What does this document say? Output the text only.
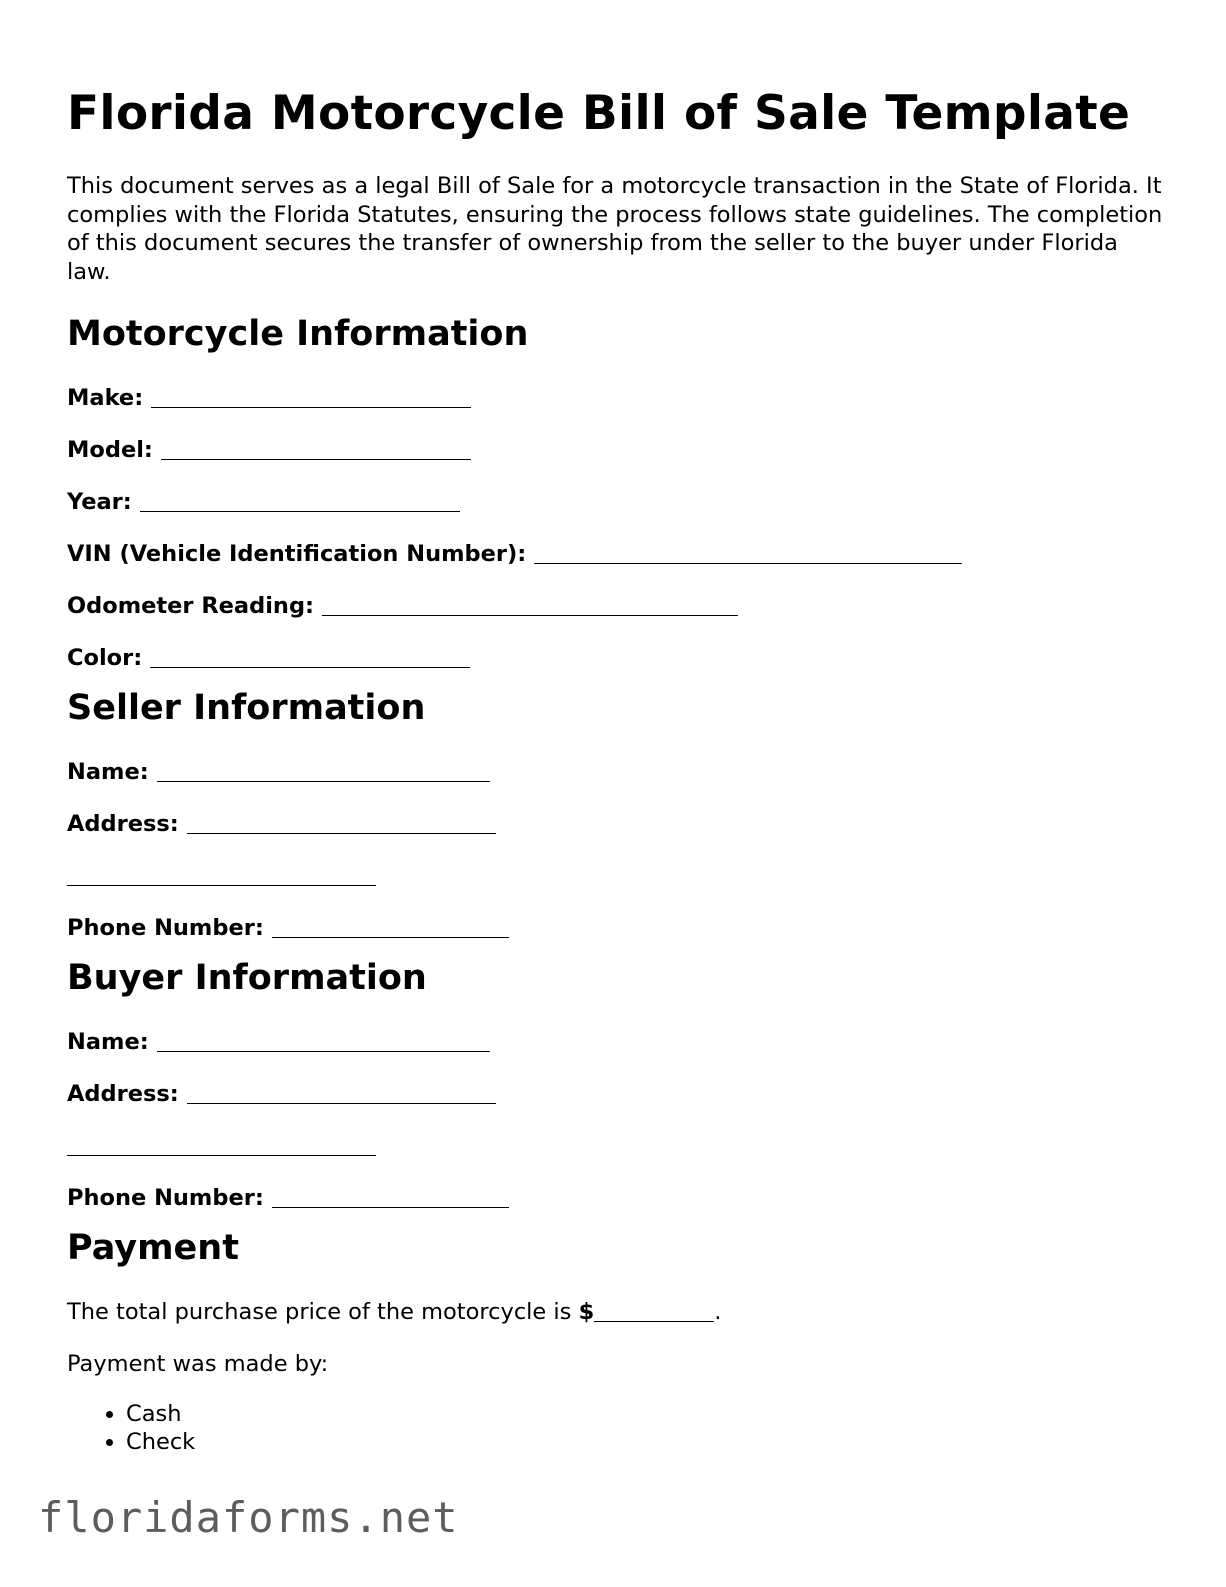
Florida Motorcycle Bill of Sale Template

This document serves as a legal Bill of Sale for a motorcycle transaction in the State of Florida. It complies with the Florida Statutes, ensuring the process follows state guidelines. The completion of this document secures the transfer of ownership from the seller to the buyer under Florida law.

Motorcycle Information
Make:
Model:
Year:
VIN (Vehicle Identification Number):
Odometer Reading:
Color:
Seller Information
Name:
Address:
Phone Number:
Buyer Information
Name:
Address:
Phone Number:
Payment
The total purchase price of the motorcycle is $	.
Payment was made by:
• Cash
• Check
floridaforms.net
